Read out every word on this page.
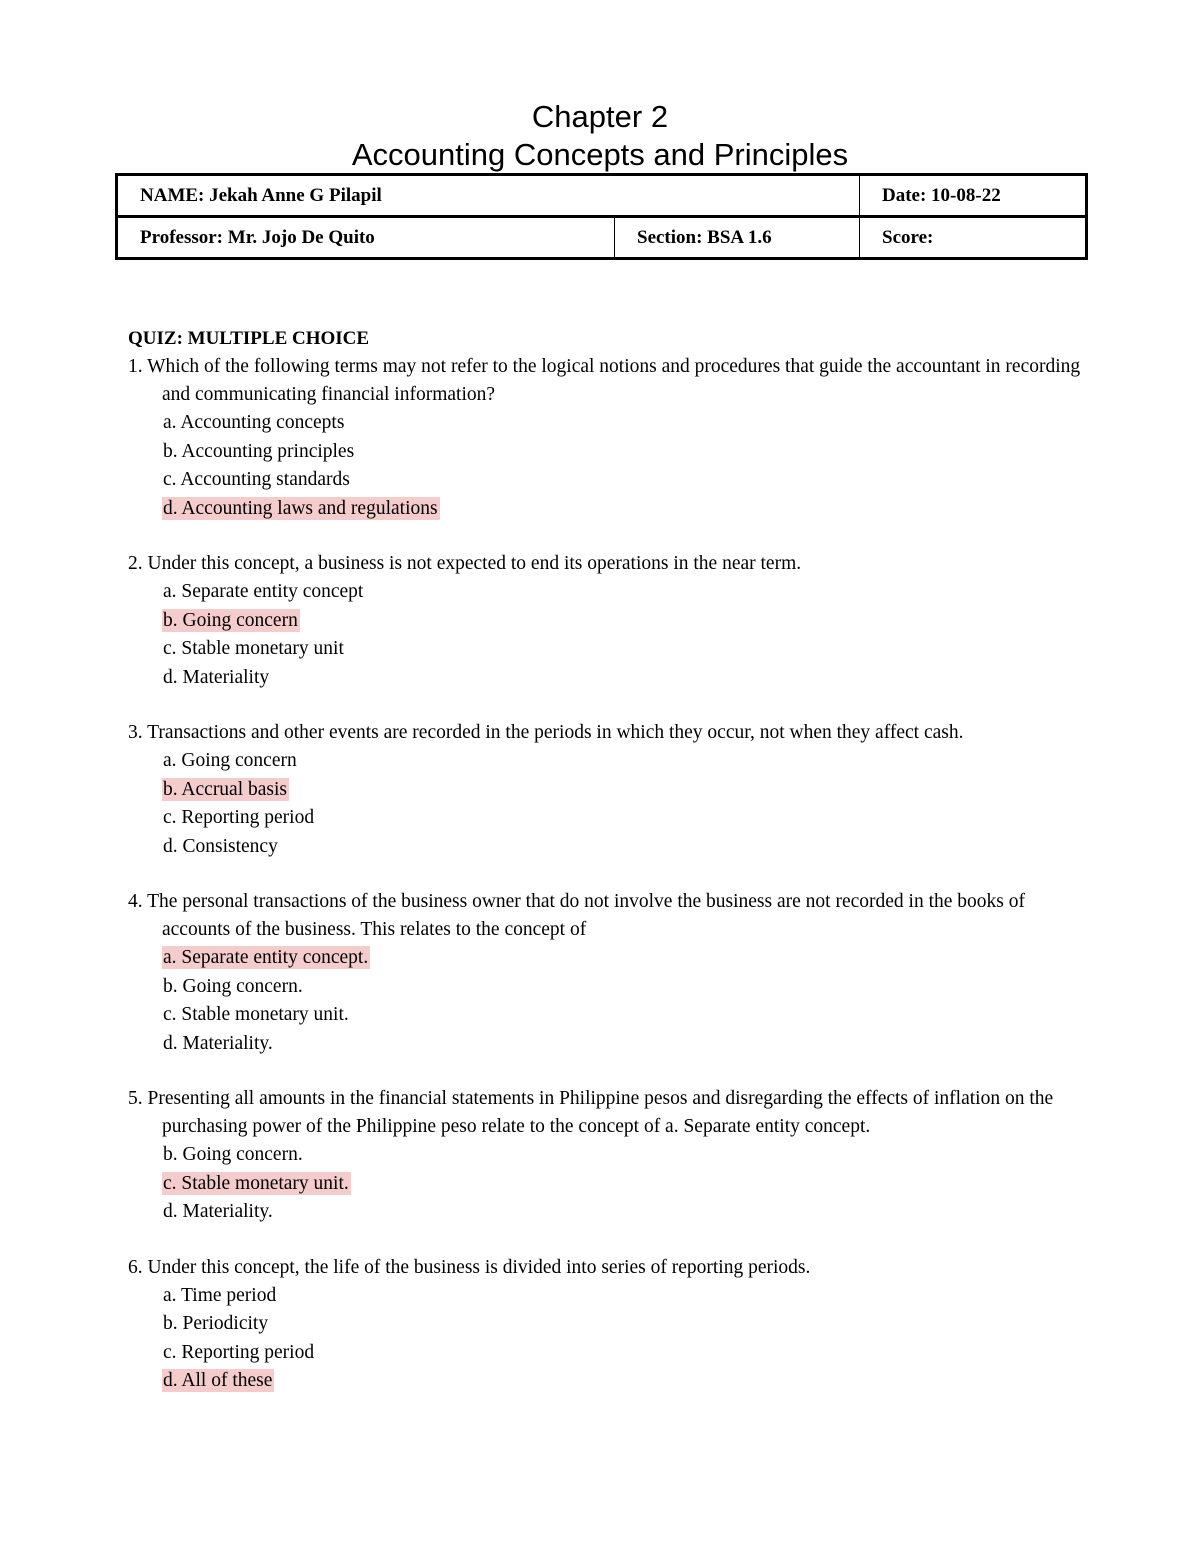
Chapter 2
Accounting Concepts and Principles
NAME: Jekah Anne G Pilapil		Date: 10-08-22
Professor: Mr. Jojo De Quito	Section: BSA 1.6	Score:

QUIZ: MULTIPLE CHOICE

1. Which of the following terms may not refer to the logical notions and procedures that guide the accountant in recording and communicating financial information?

a. Accounting concepts
b. Accounting principles
c. Accounting standards
d. Accounting laws and regulations

2. Under this concept, a business is not expected to end its operations in the near term.

a. Separate entity concept
b. Going concern
c. Stable monetary unit
d. Materiality

3. Transactions and other events are recorded in the periods in which they occur, not when they affect cash.

a. Going concern
b. Accrual basis
c. Reporting period
d. Consistency

4. The personal transactions of the business owner that do not involve the business are not recorded in the books of accounts of the business. This relates to the concept of

a. Separate entity concept.
b. Going concern.
c. Stable monetary unit.
d. Materiality.

5. Presenting all amounts in the financial statements in Philippine pesos and disregarding the effects of inflation on the purchasing power of the Philippine peso relate to the concept of a. Separate entity concept.

b. Going concern.
c. Stable monetary unit.
d. Materiality.

6. Under this concept, the life of the business is divided into series of reporting periods.

a. Time period
b. Periodicity
c. Reporting period
d. All of these
